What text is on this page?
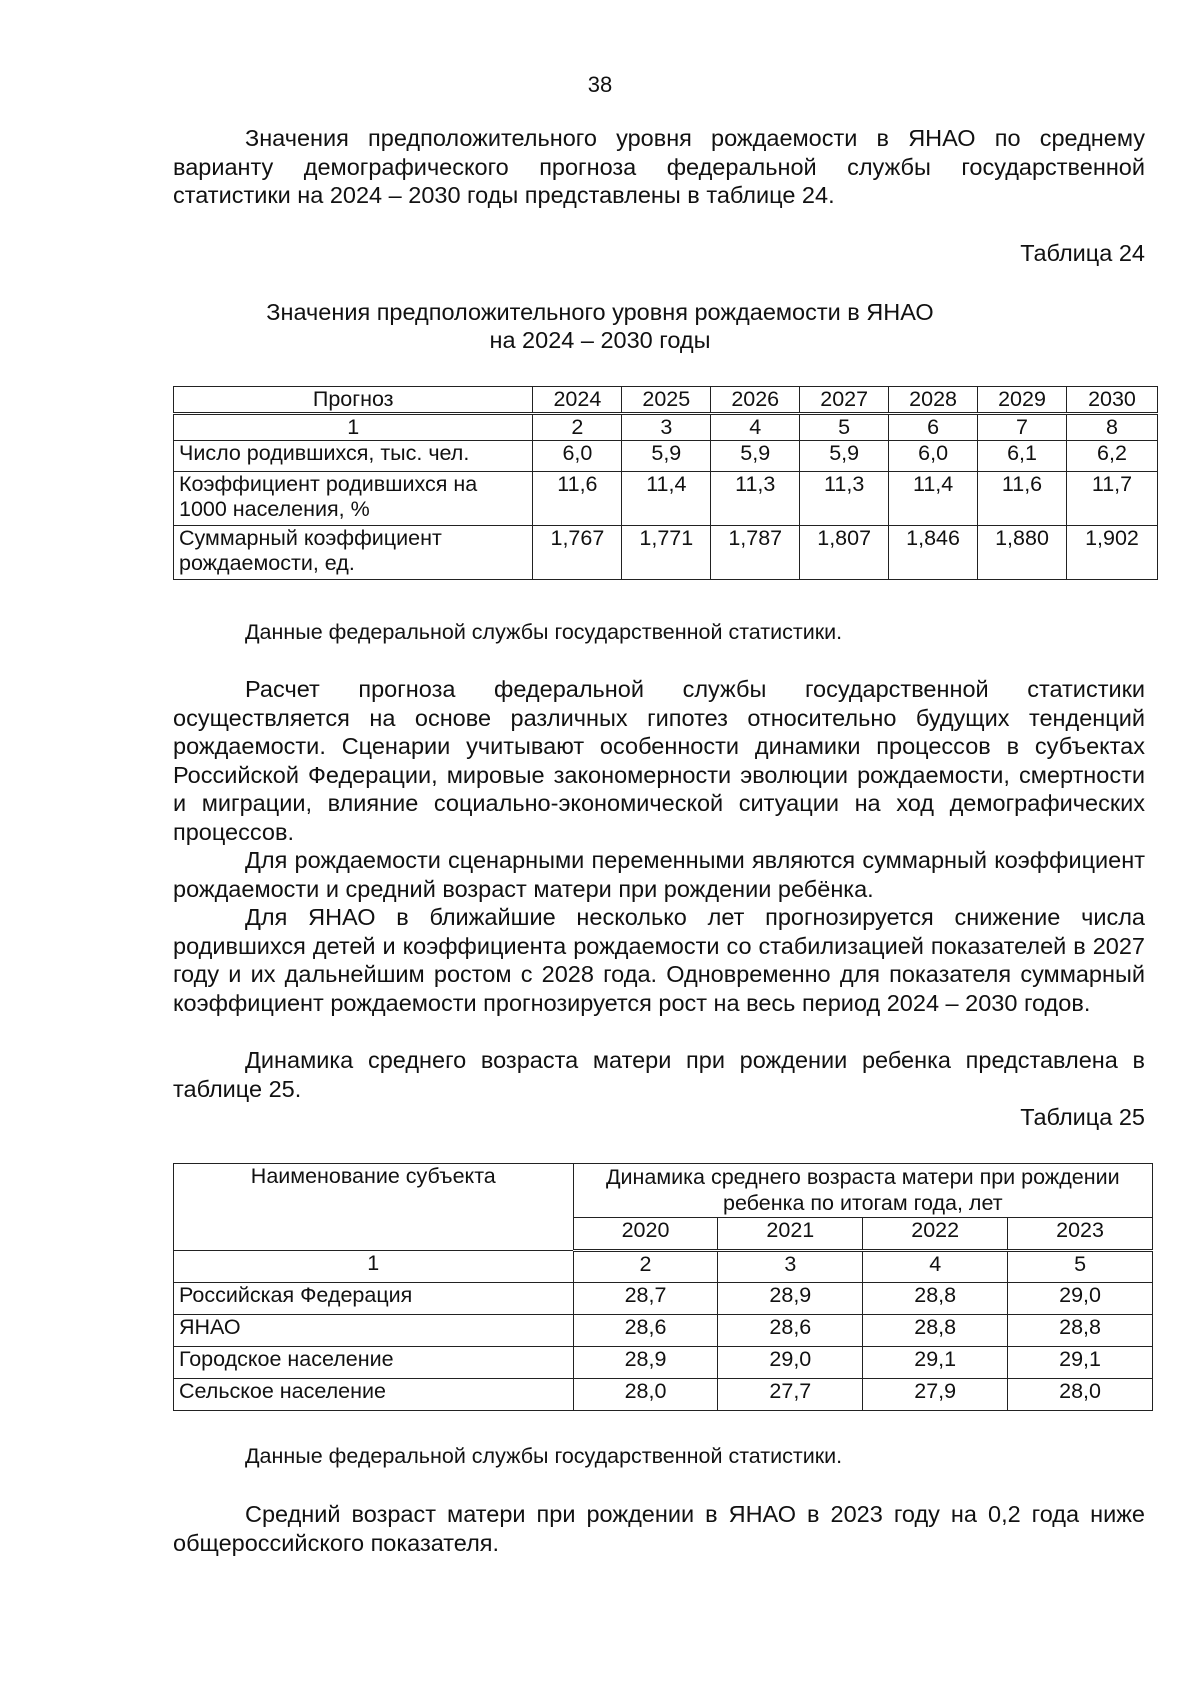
38

Значения предположительного уровня рождаемости в ЯНАО по среднему варианту демографического прогноза федеральной службы государственной статистики на 2024 – 2030 годы представлены в таблице 24.

Таблица 24
Значения предположительного уровня рождаемости в ЯНАО
на 2024 – 2030 годы
Прогноз	2024	2025	2026	2027	2028	2029	2030
1	2	3	4	5	6	7	8
Число родившихся, тыс. чел.	6,0	5,9	5,9	5,9	6,0	6,1	6,2
Коэффициент родившихся на 1000 населения, %	11,6	11,4	11,3	11,3	11,4	11,6	11,7
Суммарный коэффициент рождаемости, ед.	1,767	1,771	1,787	1,807	1,846	1,880	1,902
Данные федеральной службы государственной статистики.

Расчет прогноза федеральной службы государственной статистики осуществляется на основе различных гипотез относительно будущих тенденций рождаемости. Сценарии учитывают особенности динамики процессов в субъектах Российской Федерации, мировые закономерности эволюции рождаемости, смертности и миграции, влияние социально-экономической ситуации на ход демографических процессов.

Для рождаемости сценарными переменными являются суммарный коэффициент рождаемости и средний возраст матери при рождении ребёнка.

Для ЯНАО в ближайшие несколько лет прогнозируется снижение числа родившихся детей и коэффициента рождаемости со стабилизацией показателей в 2027 году и их дальнейшим ростом с 2028 года. Одновременно для показателя суммарный коэффициент рождаемости прогнозируется рост на весь период 2024 – 2030 годов.

Динамика среднего возраста матери при рождении ребенка представлена в таблице 25.

Таблица 25
Наименование субъекта	Динамика среднего возраста матери при рождении ребенка по итогам года, лет			
	2020	2021	2022	2023
1	2	3	4	5
Российская Федерация	28,7	28,9	28,8	29,0
ЯНАО	28,6	28,6	28,8	28,8
Городское население	28,9	29,0	29,1	29,1
Сельское население	28,0	27,7	27,9	28,0
Данные федеральной службы государственной статистики.

Средний возраст матери при рождении в ЯНАО в 2023 году на 0,2 года ниже общероссийского показателя.
